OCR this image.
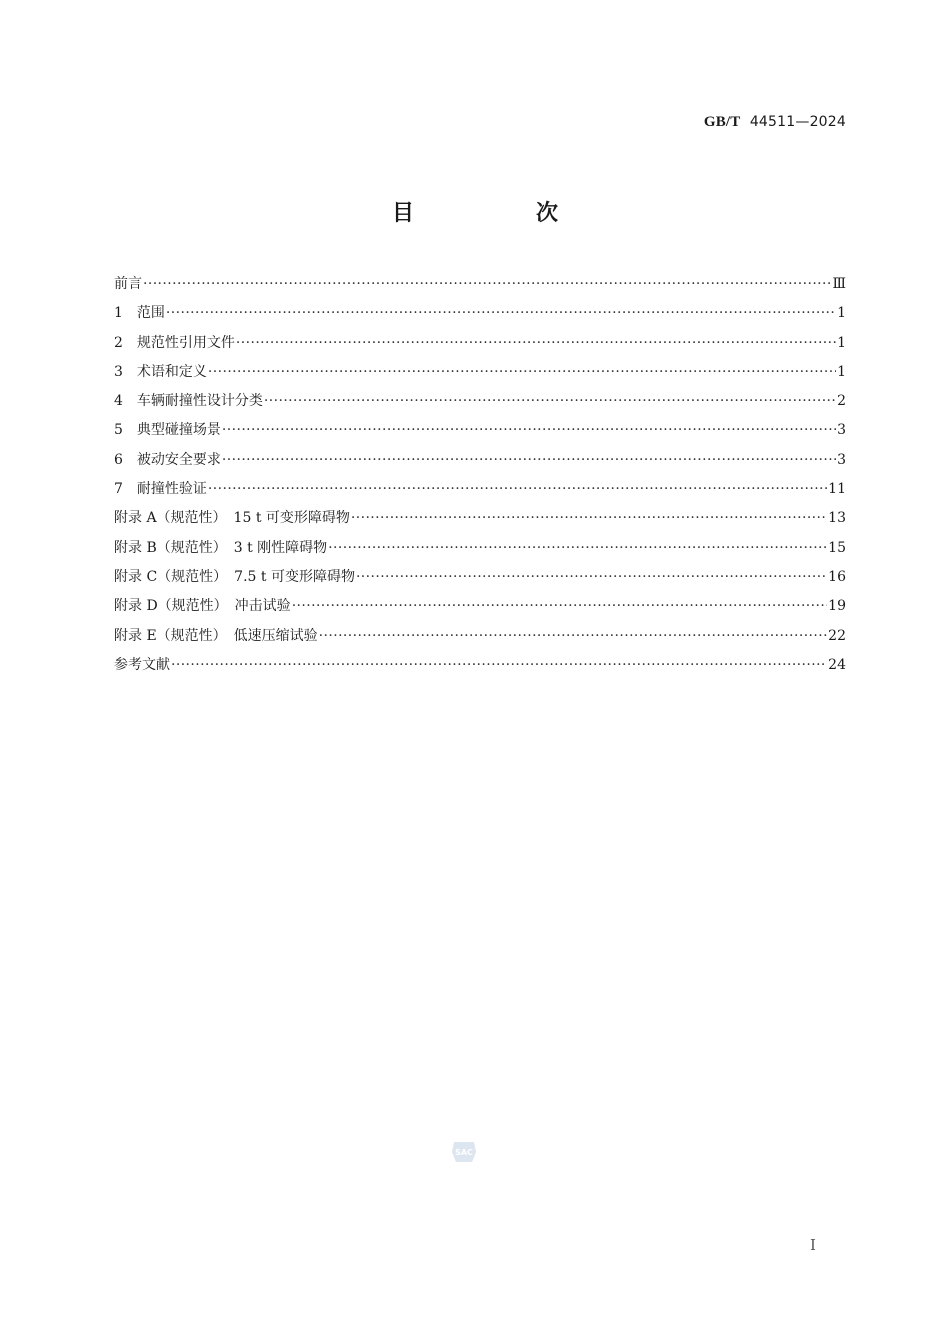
GB/T 44511—2024
目　次
前言 ·····	Ⅲ
1　范围 ·····	1
2　规范性引用文件 ·····	1
3　术语和定义 ·····	1
4　车辆耐撞性设计分类 ·····	2
5　典型碰撞场景 ·····	3
6　被动安全要求 ·····	3
7　耐撞性验证 ·····	11
附录 A（规范性）　15 t 可变形障碍物 ·····	13
附录 B（规范性）　3 t 刚性障碍物 ·····	15
附录 C（规范性）　7.5 t 可变形障碍物 ·····	16
附录 D（规范性）　冲击试验 ·····	19
附录 E（规范性）　低速压缩试验 ·····	22
参考文献 ·····	24
SAC
I
